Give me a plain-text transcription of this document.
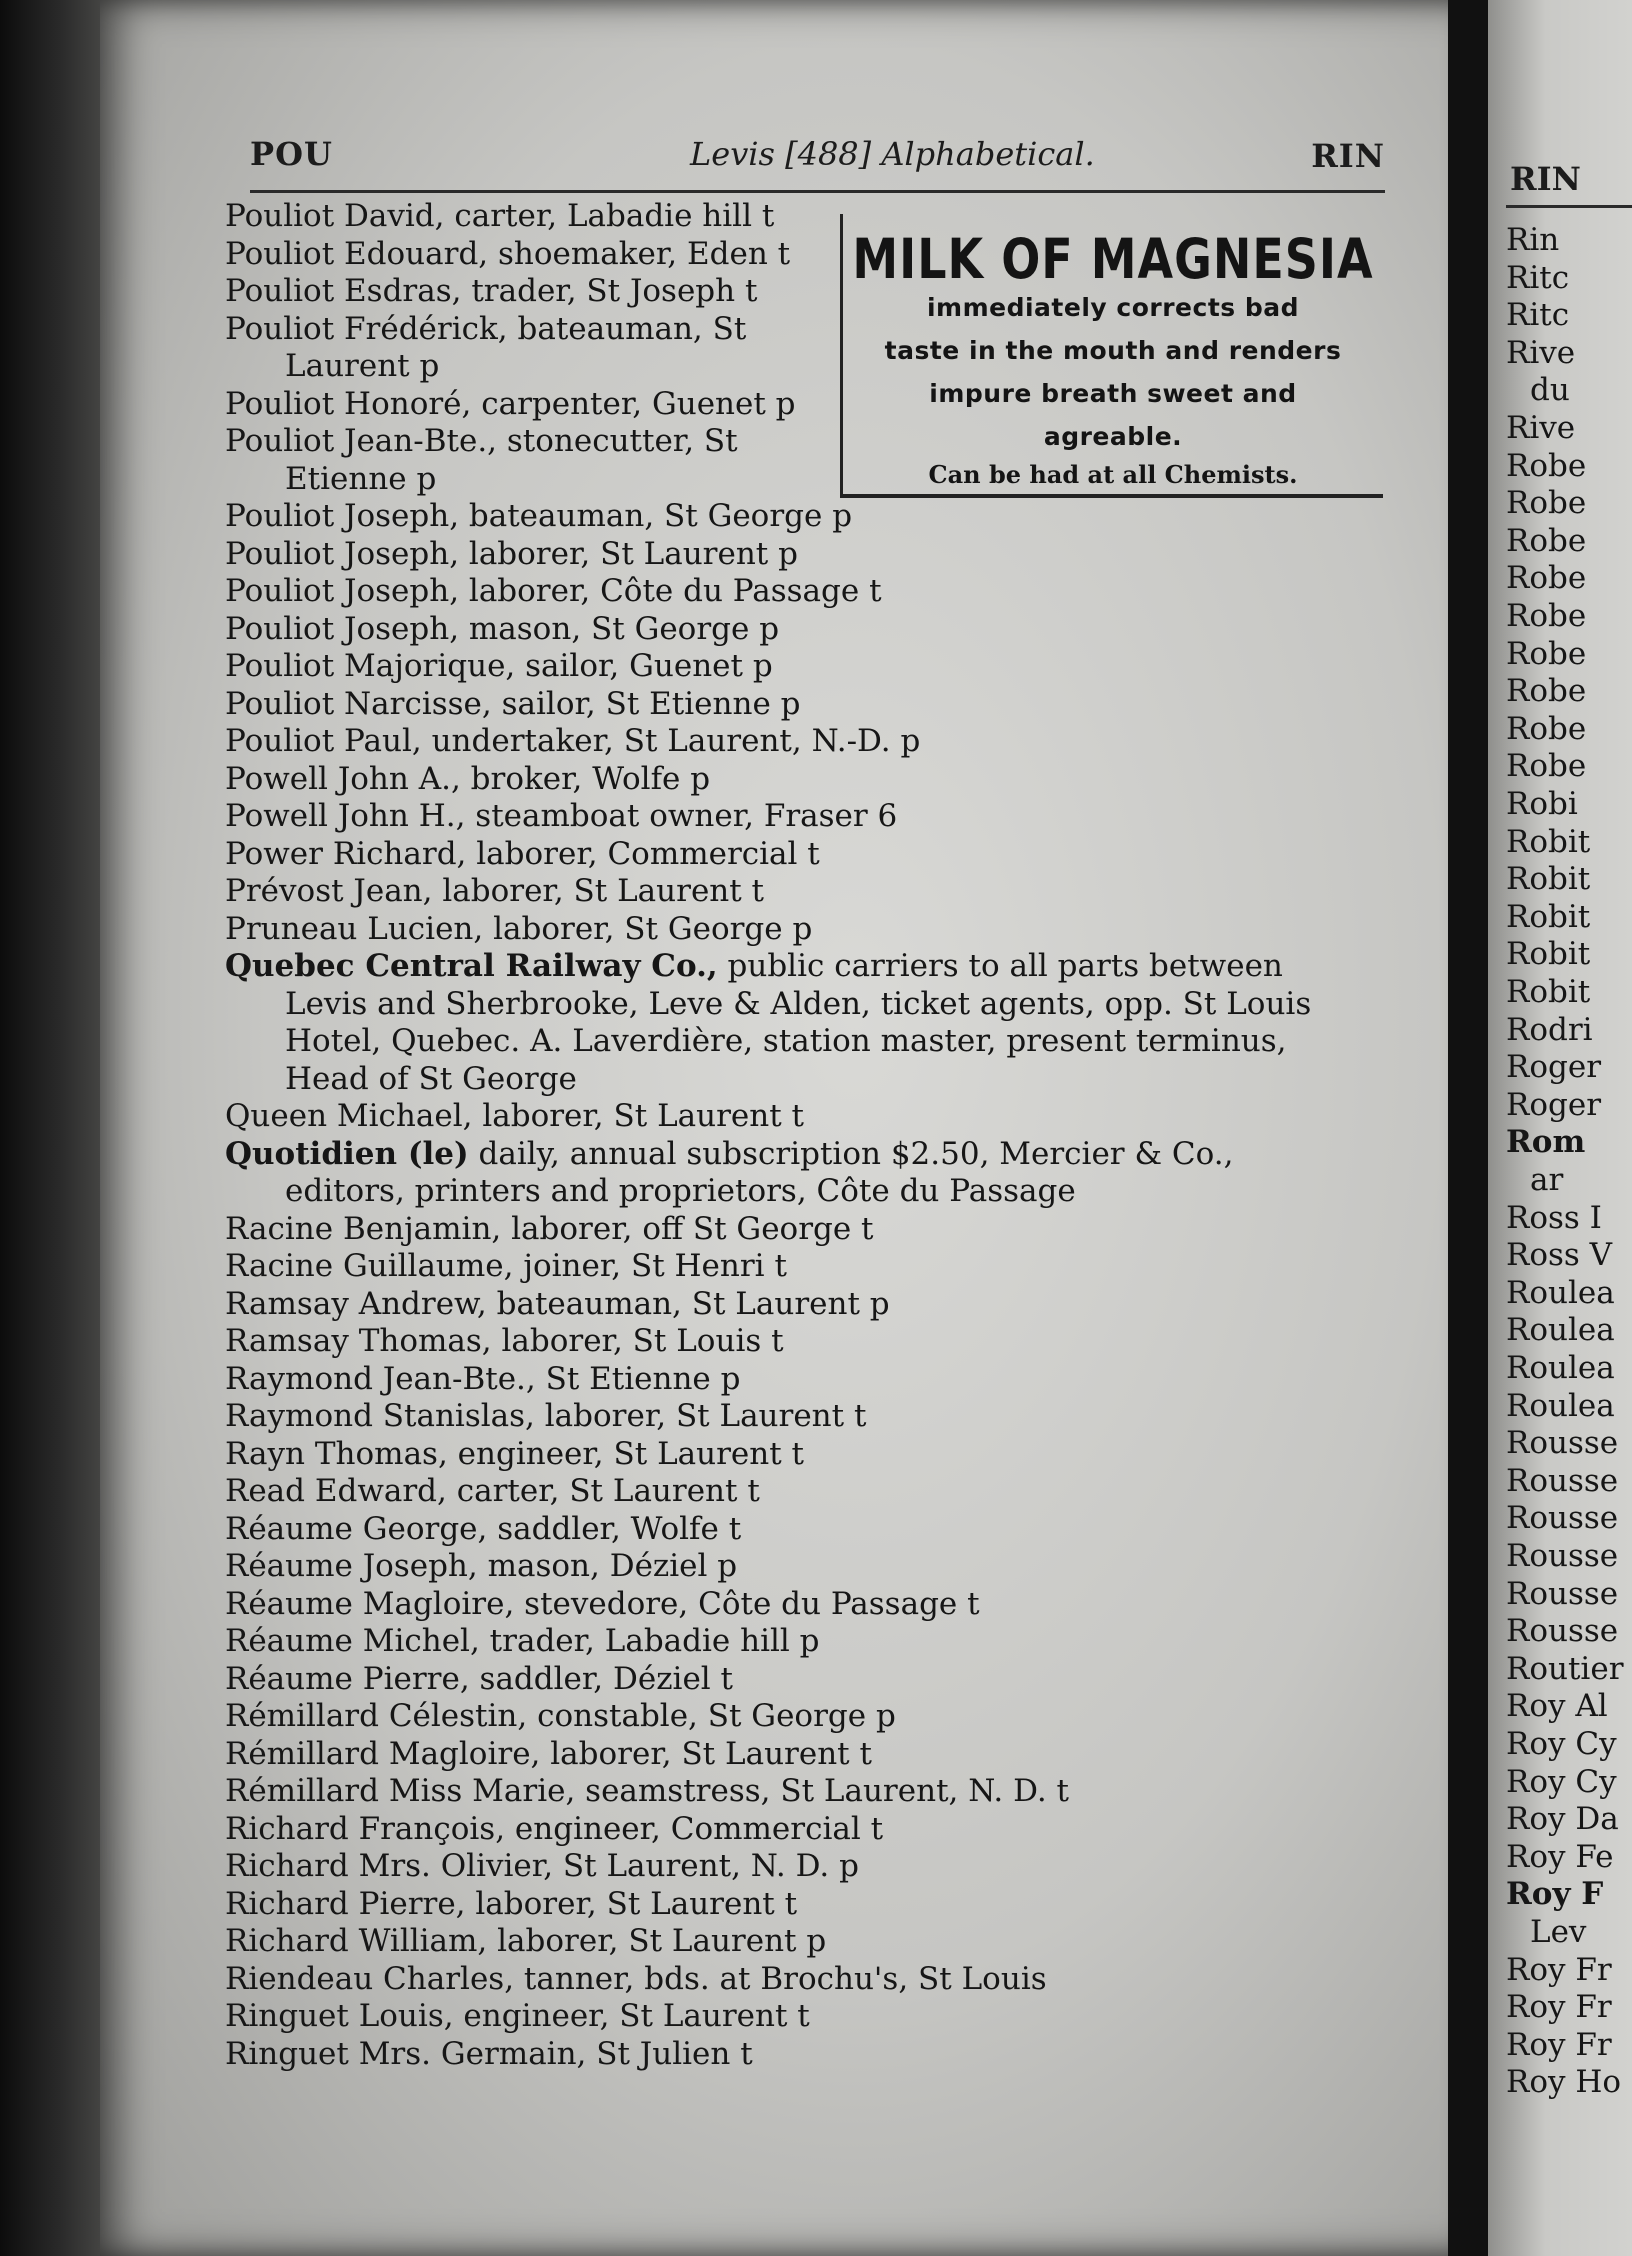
POU	Levis [488] Alphabetical.	RIN
MILK OF MAGNESIA
immediately corrects bad
taste in the mouth and renders
impure breath sweet and
agreable.
Can be had at all Chemists.
Pouliot David, carter, Labadie hill t
Pouliot Edouard, shoemaker, Eden t
Pouliot Esdras, trader, St Joseph t
Pouliot Frédérick, bateauman, St
Laurent p
Pouliot Honoré, carpenter, Guenet p
Pouliot Jean-Bte., stonecutter, St
Etienne p
Pouliot Joseph, bateauman, St George p
Pouliot Joseph, laborer, St Laurent p
Pouliot Joseph, laborer, Côte du Passage t
Pouliot Joseph, mason, St George p
Pouliot Majorique, sailor, Guenet p
Pouliot Narcisse, sailor, St Etienne p
Pouliot Paul, undertaker, St Laurent, N.-D. p
Powell John A., broker, Wolfe p
Powell John H., steamboat owner, Fraser 6
Power Richard, laborer, Commercial t
Prévost Jean, laborer, St Laurent t
Pruneau Lucien, laborer, St George p
Quebec Central Railway Co., public carriers to all parts between
Levis and Sherbrooke, Leve & Alden, ticket agents, opp. St Louis
Hotel, Quebec. A. Laverdière, station master, present terminus,
Head of St George
Queen Michael, laborer, St Laurent t
Quotidien (le) daily, annual subscription $2.50, Mercier & Co.,
editors, printers and proprietors, Côte du Passage
Racine Benjamin, laborer, off St George t
Racine Guillaume, joiner, St Henri t
Ramsay Andrew, bateauman, St Laurent p
Ramsay Thomas, laborer, St Louis t
Raymond Jean-Bte., St Etienne p
Raymond Stanislas, laborer, St Laurent t
Rayn Thomas, engineer, St Laurent t
Read Edward, carter, St Laurent t
Réaume George, saddler, Wolfe t
Réaume Joseph, mason, Déziel p
Réaume Magloire, stevedore, Côte du Passage t
Réaume Michel, trader, Labadie hill p
Réaume Pierre, saddler, Déziel t
Rémillard Célestin, constable, St George p
Rémillard Magloire, laborer, St Laurent t
Rémillard Miss Marie, seamstress, St Laurent, N. D. t
Richard François, engineer, Commercial t
Richard Mrs. Olivier, St Laurent, N. D. p
Richard Pierre, laborer, St Laurent t
Richard William, laborer, St Laurent p
Riendeau Charles, tanner, bds. at Brochu's, St Louis
Ringuet Louis, engineer, St Laurent t
Ringuet Mrs. Germain, St Julien t
RIN
Rin
Ritc
Ritc
Rive
du
Rive
Robe
Robe
Robe
Robe
Robe
Robe
Robe
Robe
Robe
Robi
Robit
Robit
Robit
Robit
Robit
Rodri
Roger
Roger
Rom
ar
Ross I
Ross V
Roulea
Roulea
Roulea
Roulea
Rousse
Rousse
Rousse
Rousse
Rousse
Rousse
Routier
Roy Al
Roy Cy
Roy Cy
Roy Da
Roy Fe
Roy F
Lev
Roy Fr
Roy Fr
Roy Fr
Roy Ho
